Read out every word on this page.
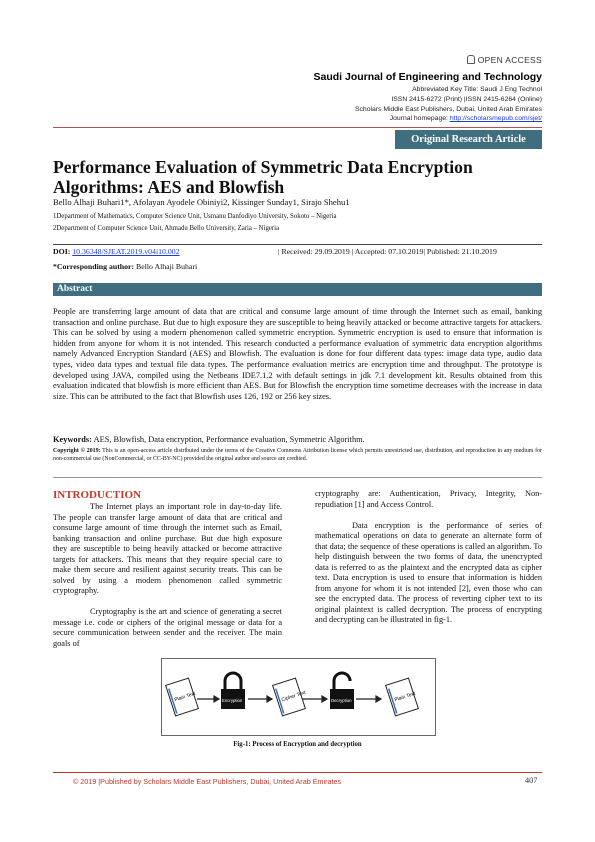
OPEN ACCESS
Saudi Journal of Engineering and Technology
Abbreviated Key Title: Saudi J Eng Technol
ISSN 2415-6272 (Print) |ISSN 2415-6264 (Online)
Scholars Middle East Publishers, Dubai, United Arab Emirates
Journal homepage: http://scholarsmepub.com/sjet/
Original Research Article
Performance Evaluation of Symmetric Data Encryption Algorithms: AES and Blowfish
Bello Alhaji Buhari1*, Afolayan Ayodele Obiniyi2, Kissinger Sunday1, Sirajo Shehu1
1Department of Mathematics, Computer Science Unit, Usmanu Danfodiyo University, Sokoto – Nigeria
2Department of Computer Science Unit, Ahmadu Bello University, Zaria – Nigeria
DOI: 10.36348/SJEAT.2019.v04i10.002	| Received: 29.09.2019 | Accepted: 07.10.2019| Published: 21.10.2019
*Corresponding author: Bello Alhaji Buhari
Abstract
People are transferring large amount of data that are critical and consume large amount of time through the Internet such as email, banking transaction and online purchase. But due to high exposure they are susceptible to being heavily attacked or become attractive targets for attackers. This can be solved by using a modern phenomenon called symmetric encryption. Symmetric encryption is used to ensure that information is hidden from anyone for whom it is not intended. This research conducted a performance evaluation of symmetric data encryption algorithms namely Advanced Encryption Standard (AES) and Blowfish. The evaluation is done for four different data types: image data type, audio data types, video data types and textual file data types. The performance evaluation metrics are encryption time and throughput. The prototype is developed using JAVA, compiled using the Netbeans IDE7.1.2 with default settings in jdk 7.1 development kit. Results obtained from this evaluation indicated that blowfish is more efficient than AES. But for Blowfish the encryption time sometime decreases with the increase in data size. This can be attributed to the fact that Blowfish uses 126, 192 or 256 key sizes.
Keywords: AES, Blowfish, Data encryption, Performance evaluation, Symmetric Algorithm.
Copyright © 2019: This is an open-access article distributed under the terms of the Creative Commons Attribution license which permits unrestricted use, distribution, and reproduction in any medium for non-commercial use (NonCommercial, or CC-BY-NC) provided the original author and source are credited.
INTRODUCTION

The Internet plays an important role in day-to-day life. The people can transfer large amount of data that are critical and consume large amount of time through the internet such as Email, banking transaction and online purchase. But due high exposure they are susceptible to being heavily attacked or become attractive targets for attackers. This means that they require special care to make them secure and resilient against security treats. This can be solved by using a modern phenomenon called symmetric cryptography.

Cryptography is the art and science of generating a secret message i.e. code or ciphers of the original message or data for a secure communication between sender and the receiver. The main goals of

cryptography are: Authentication, Privacy, Integrity, Non-repudiation [1] and Access Control.

Data encryption is the performance of series of mathematical operations on data to generate an alternate form of that data; the sequence of these operations is called an algorithm. To help distinguish between the two forms of data, the unencrypted data is referred to as the plaintext and the encrypted data as cipher text. Data encryption is used to ensure that information is hidden from anyone for whom it is not intended [2], even those who can see the encrypted data. The process of reverting cipher text to its original plaintext is called decryption. The process of encrypting and decrypting can be illustrated in fig-1.

Plain Text	Encryption	Cipher Text	Decryption	Plain Text
Fig-1: Process of Encryption and decryption
© 2019 |Published by Scholars Middle East Publishers, Dubai, United Arab Emirates	407
